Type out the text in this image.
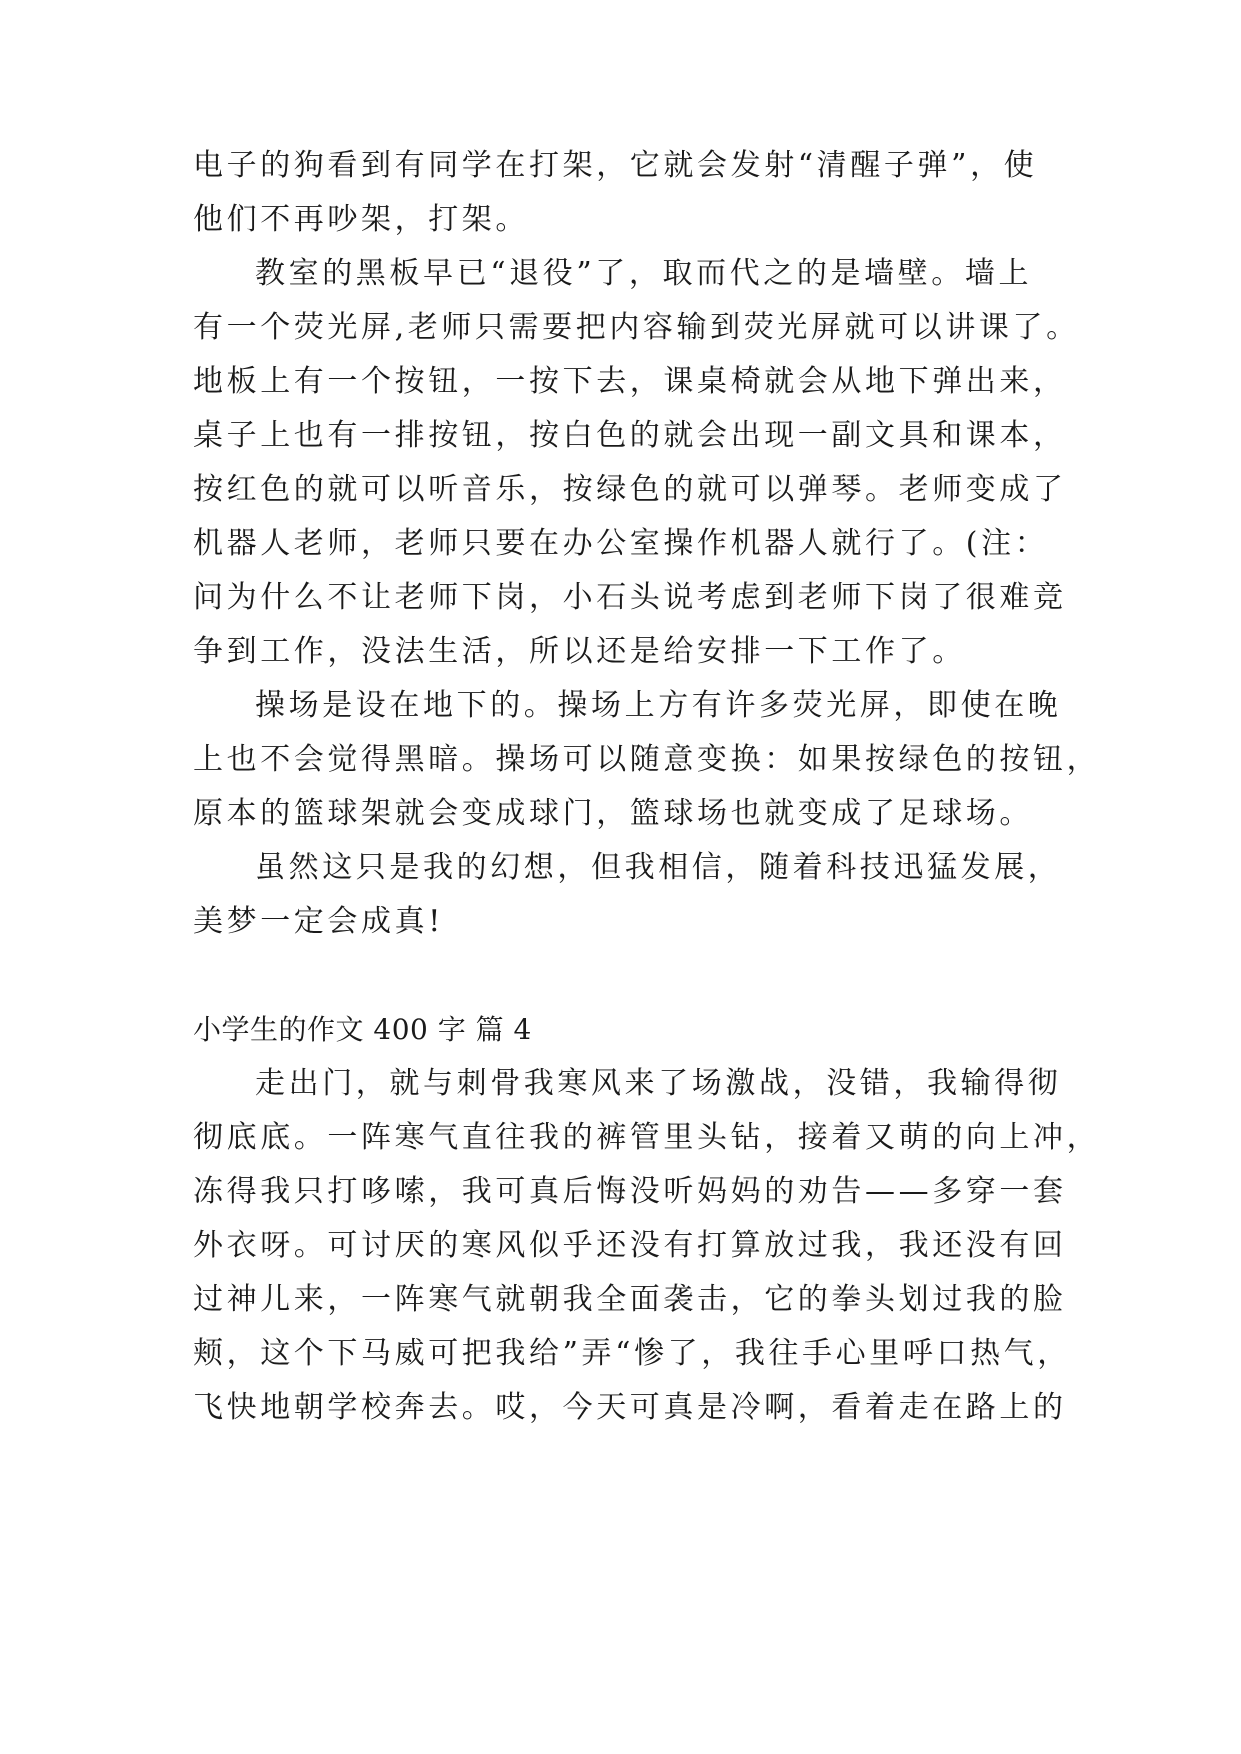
电子的狗看到有同学在打架，它就会发射“清醒子弹”，使
他们不再吵架，打架。
教室的黑板早已“退役”了，取而代之的是墙壁。墙上
有一个荧光屏,老师只需要把内容输到荧光屏就可以讲课了。
地板上有一个按钮，一按下去，课桌椅就会从地下弹出来，
桌子上也有一排按钮，按白色的就会出现一副文具和课本，
按红色的就可以听音乐，按绿色的就可以弹琴。老师变成了
机器人老师，老师只要在办公室操作机器人就行了。(注：
问为什么不让老师下岗，小石头说考虑到老师下岗了很难竞
争到工作，没法生活，所以还是给安排一下工作了。
操场是设在地下的。操场上方有许多荧光屏，即使在晚
上也不会觉得黑暗。操场可以随意变换：如果按绿色的按钮，
原本的篮球架就会变成球门，篮球场也就变成了足球场。
虽然这只是我的幻想，但我相信，随着科技迅猛发展，
美梦一定会成真!
小学生的作文 400 字 篇 4
走出门，就与刺骨我寒风来了场激战，没错，我输得彻
彻底底。一阵寒气直往我的裤管里头钻，接着又萌的向上冲，
冻得我只打哆嗦，我可真后悔没听妈妈的劝告——多穿一套
外衣呀。可讨厌的寒风似乎还没有打算放过我，我还没有回
过神儿来，一阵寒气就朝我全面袭击，它的拳头划过我的脸
颊，这个下马威可把我给”弄“惨了，我往手心里呼口热气，
飞快地朝学校奔去。哎，今天可真是冷啊，看着走在路上的
